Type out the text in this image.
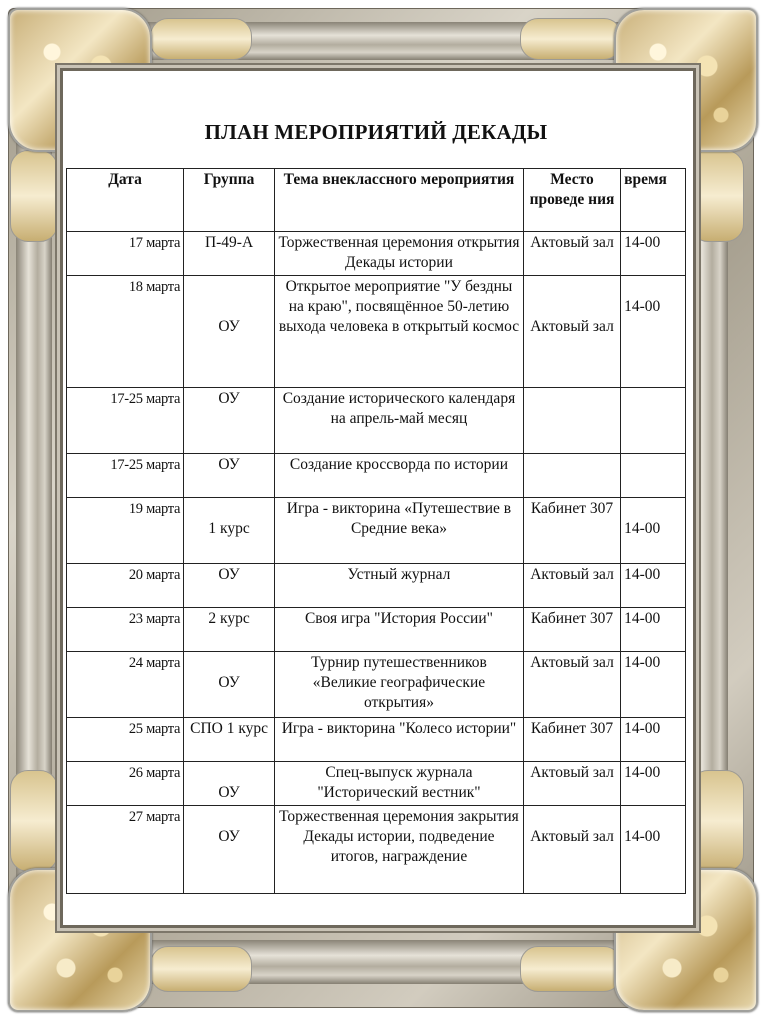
ПЛАН МЕРОПРИЯТИЙ ДЕКАДЫ
Дата	Группа	Тема внеклассного мероприятия	Место проведе ния	время

17 марта	П-49-А	Торжественная церемония открытия Декады истории	Актовый зал	14-00

18 марта	ОУ	Открытое мероприятие "У бездны на краю", посвящённое 50-летию выхода человека в открытый космос	Актовый зал	14-00

17-25 марта	ОУ	Создание исторического календаря на апрель-май месяц		

17-25 марта	ОУ	Создание кроссворда по истории		

19 марта	1 курс	Игра - викторина «Путешествие в Средние века»	Кабинет 307	14-00

20 марта	ОУ	Устный журнал	Актовый зал	14-00

23 марта	2 курс	Своя игра "История России"	Кабинет 307	14-00

24 марта	ОУ	Турнир путешественников «Великие географические открытия»	Актовый зал	14-00

25 марта	СПО 1 курс	Игра - викторина "Колесо истории"	Кабинет 307	14-00

26 марта	ОУ	Спец-выпуск журнала "Исторический вестник"	Актовый зал	14-00

27 марта	ОУ	Торжественная церемония закрытия Декады истории, подведение итогов, награждение	Актовый зал	14-00
